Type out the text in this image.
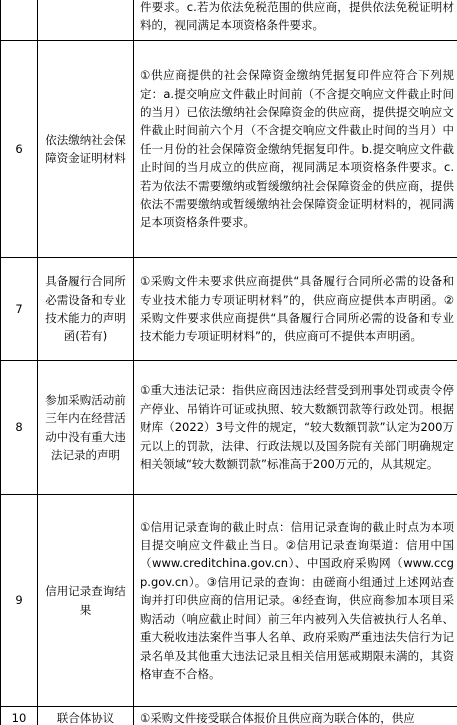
		件要求。c.若为依法免税范围的供应商，提供依法免税证明材料的，视同满足本项资格条件要求。
6	依法缴纳社会保障资金证明材料	①供应商提供的社会保障资金缴纳凭据复印件应符合下列规定：a.提交响应文件截止时间前（不含提交响应文件截止时间的当月）已依法缴纳社会保障资金的供应商，提供提交响应文件截止时间前六个月（不含提交响应文件截止时间的当月）中任一月份的社会保障资金缴纳凭据复印件。b.提交响应文件截止时间的当月成立的供应商，视同满足本项资格条件要求。c.若为依法不需要缴纳或暂缓缴纳社会保障资金的供应商，提供依法不需要缴纳或暂缓缴纳社会保障资金证明材料的，视同满足本项资格条件要求。
7	具备履行合同所必需设备和专业技术能力的声明函(若有)	①采购文件未要求供应商提供“具备履行合同所必需的设备和专业技术能力专项证明材料”的，供应商应提供本声明函。②采购文件要求供应商提供“具备履行合同所必需的设备和专业技术能力专项证明材料”的，供应商可不提供本声明函。
8	参加采购活动前三年内在经营活动中没有重大违法记录的声明	①重大违法记录：指供应商因违法经营受到刑事处罚或责令停产停业、吊销许可证或执照、较大数额罚款等行政处罚。根据财库（2022）3号文件的规定，“较大数额罚款”认定为200万元以上的罚款，法律、行政法规以及国务院有关部门明确规定相关领域“较大数额罚款”标准高于200万元的，从其规定。
9	信用记录查询结果	①信用记录查询的截止时点：信用记录查询的截止时点为本项目提交响应文件截止当日。②信用记录查询渠道：信用中国（www.creditchina.gov.cn）、中国政府采购网（www.ccgp.gov.cn）。③信用记录的查询：由磋商小组通过上述网站查询并打印供应商的信用记录。④经查询，供应商参加本项目采购活动（响应截止时间）前三年内被列入失信被执行人名单、重大税收违法案件当事人名单、政府采购严重违法失信行为记录名单及其他重大违法记录且相关信用惩戒期限未满的，其资格审查不合格。
10	联合体协议	①采购文件接受联合体报价且供应商为联合体的，供应
